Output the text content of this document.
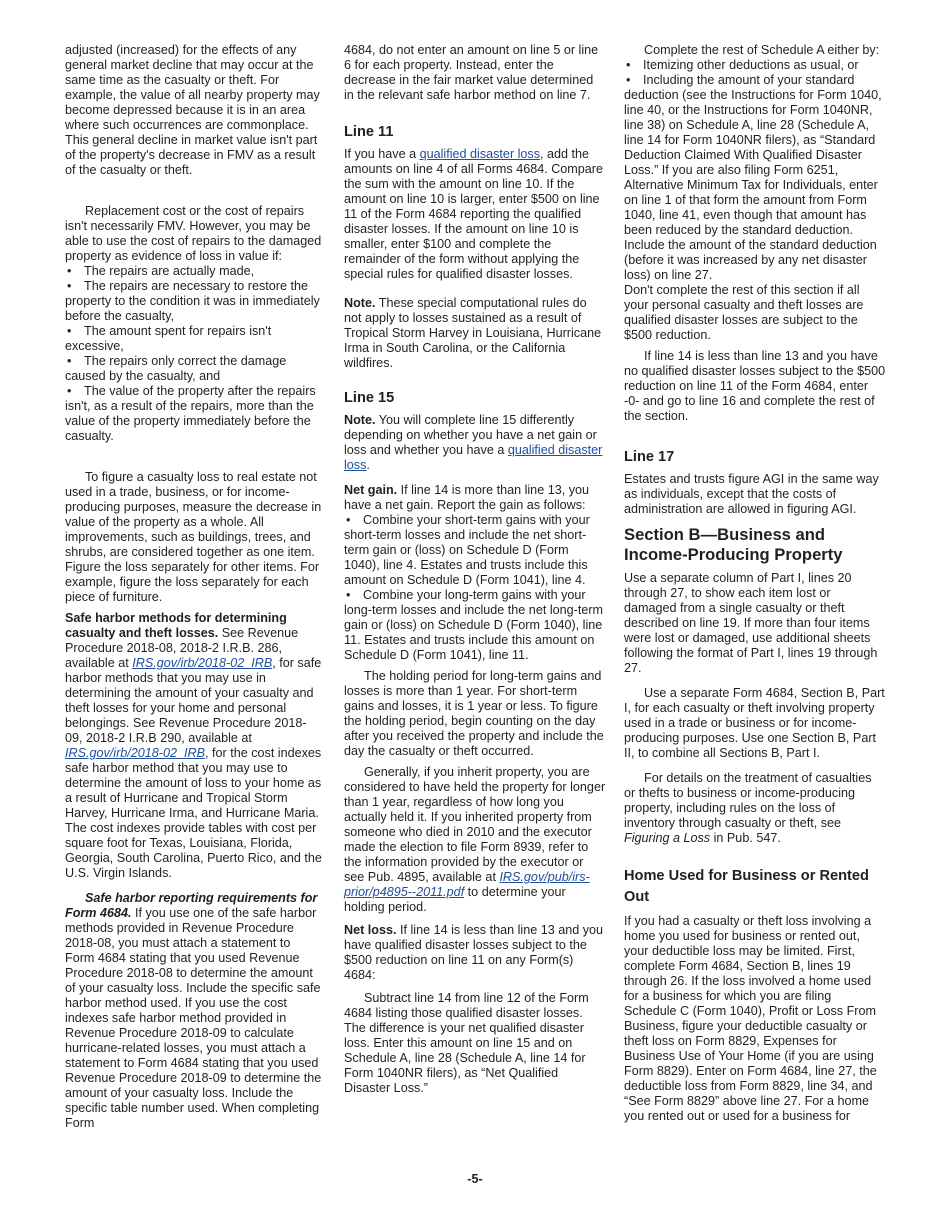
adjusted (increased) for the effects of any general market decline that may occur at the same time as the casualty or theft. For example, the value of all nearby property may become depressed because it is in an area where such occurrences are commonplace. This general decline in market value isn't part of the property's decrease in FMV as a result of the casualty or theft.

Replacement cost or the cost of repairs isn't necessarily FMV. However, you may be able to use the cost of repairs to the damaged property as evidence of loss in value if:

• The repairs are actually made,

• The repairs are necessary to restore the property to the condition it was in immediately before the casualty,

• The amount spent for repairs isn't excessive,

• The repairs only correct the damage caused by the casualty, and

• The value of the property after the repairs isn't, as a result of the repairs, more than the value of the property immediately before the casualty.

To figure a casualty loss to real estate not used in a trade, business, or for income-producing purposes, measure the decrease in value of the property as a whole. All improvements, such as buildings, trees, and shrubs, are considered together as one item. Figure the loss separately for other items. For example, figure the loss separately for each piece of furniture.

Safe harbor methods for determining casualty and theft losses. See Revenue Procedure 2018-08, 2018-2 I.R.B. 286, available at IRS.gov/irb/2018-02_IRB, for safe harbor methods that you may use in determining the amount of your casualty and theft losses for your home and personal belongings. See Revenue Procedure 2018-09, 2018-2 I.R.B 290, available at IRS.gov/irb/2018-02_IRB, for the cost indexes safe harbor method that you may use to determine the amount of loss to your home as a result of Hurricane and Tropical Storm Harvey, Hurricane Irma, and Hurricane Maria. The cost indexes provide tables with cost per square foot for Texas, Louisiana, Florida, Georgia, South Carolina, Puerto Rico, and the U.S. Virgin Islands.

Safe harbor reporting requirements for Form 4684. If you use one of the safe harbor methods provided in Revenue Procedure 2018-08, you must attach a statement to Form 4684 stating that you used Revenue Procedure 2018-08 to determine the amount of your casualty loss. Include the specific safe harbor method used. If you use the cost indexes safe harbor method provided in Revenue Procedure 2018-09 to calculate hurricane-related losses, you must attach a statement to Form 4684 stating that you used Revenue Procedure 2018-09 to determine the amount of your casualty loss. Include the specific table number used. When completing Form

4684, do not enter an amount on line 5 or line 6 for each property. Instead, enter the decrease in the fair market value determined in the relevant safe harbor method on line 7.

Line 11

If you have a qualified disaster loss, add the amounts on line 4 of all Forms 4684. Compare the sum with the amount on line 10. If the amount on line 10 is larger, enter $500 on line 11 of the Form 4684 reporting the qualified disaster losses. If the amount on line 10 is smaller, enter $100 and complete the remainder of the form without applying the special rules for qualified disaster losses.

Note. These special computational rules do not apply to losses sustained as a result of Tropical Storm Harvey in Louisiana, Hurricane Irma in South Carolina, or the California wildfires.

Line 15

Note. You will complete line 15 differently depending on whether you have a net gain or loss and whether you have a qualified disaster loss.

Net gain. If line 14 is more than line 13, you have a net gain. Report the gain as follows:

• Combine your short-term gains with your short-term losses and include the net short-term gain or (loss) on Schedule D (Form 1040), line 4. Estates and trusts include this amount on Schedule D (Form 1041), line 4.

• Combine your long-term gains with your long-term losses and include the net long-term gain or (loss) on Schedule D (Form 1040), line 11. Estates and trusts include this amount on Schedule D (Form 1041), line 11.

The holding period for long-term gains and losses is more than 1 year. For short-term gains and losses, it is 1 year or less. To figure the holding period, begin counting on the day after you received the property and include the day the casualty or theft occurred.

Generally, if you inherit property, you are considered to have held the property for longer than 1 year, regardless of how long you actually held it. If you inherited property from someone who died in 2010 and the executor made the election to file Form 8939, refer to the information provided by the executor or see Pub. 4895, available at IRS.gov/pub/irs-prior/p4895--2011.pdf to determine your holding period.

Net loss. If line 14 is less than line 13 and you have qualified disaster losses subject to the $500 reduction on line 11 on any Form(s) 4684:

Subtract line 14 from line 12 of the Form 4684 listing those qualified disaster losses. The difference is your net qualified disaster loss. Enter this amount on line 15 and on Schedule A, line 28 (Schedule A, line 14 for Form 1040NR filers), as “Net Qualified Disaster Loss.”

Complete the rest of Schedule A either by:

• Itemizing other deductions as usual, or

• Including the amount of your standard deduction (see the Instructions for Form 1040, line 40, or the Instructions for Form 1040NR, line 38) on Schedule A, line 28 (Schedule A, line 14 for Form 1040NR filers), as “Standard Deduction Claimed With Qualified Disaster Loss.” If you are also filing Form 6251, Alternative Minimum Tax for Individuals, enter on line 1 of that form the amount from Form 1040, line 41, even though that amount has been reduced by the standard deduction. Include the amount of the standard deduction (before it was increased by any net disaster loss) on line 27.

Don't complete the rest of this section if all your personal casualty and theft losses are qualified disaster losses are subject to the $500 reduction.

If line 14 is less than line 13 and you have no qualified disaster losses subject to the $500 reduction on line 11 of the Form 4684, enter -0- and go to line 16 and complete the rest of the section.

Line 17

Estates and trusts figure AGI in the same way as individuals, except that the costs of administration are allowed in figuring AGI.

Section B—Business and Income-Producing Property

Use a separate column of Part I, lines 20 through 27, to show each item lost or damaged from a single casualty or theft described on line 19. If more than four items were lost or damaged, use additional sheets following the format of Part I, lines 19 through 27.

Use a separate Form 4684, Section B, Part I, for each casualty or theft involving property used in a trade or business or for income-producing purposes. Use one Section B, Part II, to combine all Sections B, Part I.

For details on the treatment of casualties or thefts to business or income-producing property, including rules on the loss of inventory through casualty or theft, see Figuring a Loss in Pub. 547.

Home Used for Business or Rented Out

If you had a casualty or theft loss involving a home you used for business or rented out, your deductible loss may be limited. First, complete Form 4684, Section B, lines 19 through 26. If the loss involved a home used for a business for which you are filing Schedule C (Form 1040), Profit or Loss From Business, figure your deductible casualty or theft loss on Form 8829, Expenses for Business Use of Your Home (if you are using Form 8829). Enter on Form 4684, line 27, the deductible loss from Form 8829, line 34, and “See Form 8829” above line 27. For a home you rented out or used for a business for

-5-
